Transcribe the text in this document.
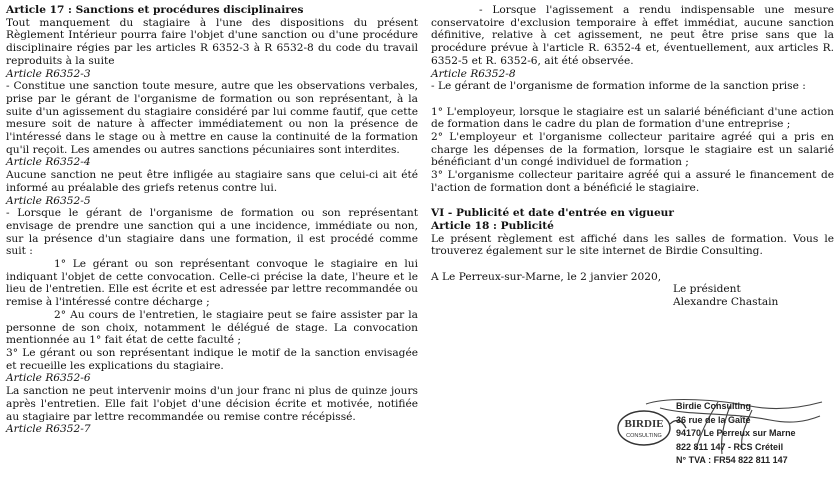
Article 17 : Sanctions et procédures disciplinaires

Tout manquement du stagiaire à l'une des dispositions du présent Règlement Intérieur pourra faire l'objet d'une sanction ou d'une procédure disciplinaire régies par les articles R 6352-3 à R 6532-8 du code du travail reproduits à la suite

Article R6352-3

- Constitue une sanction toute mesure, autre que les observations verbales, prise par le gérant de l'organisme de formation ou son représentant, à la suite d'un agissement du stagiaire considéré par lui comme fautif, que cette mesure soit de nature à affecter immédiatement ou non la présence de l'intéressé dans le stage ou à mettre en cause la continuité de la formation qu'il reçoit. Les amendes ou autres sanctions pécuniaires sont interdites.

Article R6352-4

Aucune sanction ne peut être infligée au stagiaire sans que celui-ci ait été informé au préalable des griefs retenus contre lui.

Article R6352-5

- Lorsque le gérant de l'organisme de formation ou son représentant envisage de prendre une sanction qui a une incidence, immédiate ou non, sur la présence d'un stagiaire dans une formation, il est procédé comme suit :

1° Le gérant ou son représentant convoque le stagiaire en lui indiquant l'objet de cette convocation. Celle-ci précise la date, l'heure et le lieu de l'entretien. Elle est écrite et est adressée par lettre recommandée ou remise à l'intéressé contre décharge ;

2° Au cours de l'entretien, le stagiaire peut se faire assister par la personne de son choix, notamment le délégué de stage. La convocation mentionnée au 1° fait état de cette faculté ;

3° Le gérant ou son représentant indique le motif de la sanction envisagée et recueille les explications du stagiaire.

Article R6352-6

La sanction ne peut intervenir moins d'un jour franc ni plus de quinze jours après l'entretien. Elle fait l'objet d'une décision écrite et motivée, notifiée au stagiaire par lettre recommandée ou remise contre récépissé.

Article R6352-7

- Lorsque l'agissement a rendu indispensable une mesure conservatoire d'exclusion temporaire à effet immédiat, aucune sanction définitive, relative à cet agissement, ne peut être prise sans que la procédure prévue à l'article R. 6352-4 et, éventuellement, aux articles R. 6352-5 et R. 6352-6, ait été observée.

Article R6352-8

- Le gérant de l'organisme de formation informe de la sanction prise :

1° L'employeur, lorsque le stagiaire est un salarié bénéficiant d'une action de formation dans le cadre du plan de formation d'une entreprise ;

2° L'employeur et l'organisme collecteur paritaire agréé qui a pris en charge les dépenses de la formation, lorsque le stagiaire est un salarié bénéficiant d'un congé individuel de formation ;

3° L'organisme collecteur paritaire agréé qui a assuré le financement de l'action de formation dont a bénéficié le stagiaire.

VI - Publicité et date d'entrée en vigueur

Article 18 : Publicité

Le présent règlement est affiché dans les salles de formation. Vous le trouverez également sur le site internet de Birdie Consulting.

A Le Perreux-sur-Marne, le 2 janvier 2020,

Le président

Alexandre Chastain

BIRDIE
CONSULTING
Birdie Consulting
36 rue de la Gaîté
94170 Le Perreux sur Marne
822 811 147 - RCS Créteil
N° TVA : FR54 822 811 147
